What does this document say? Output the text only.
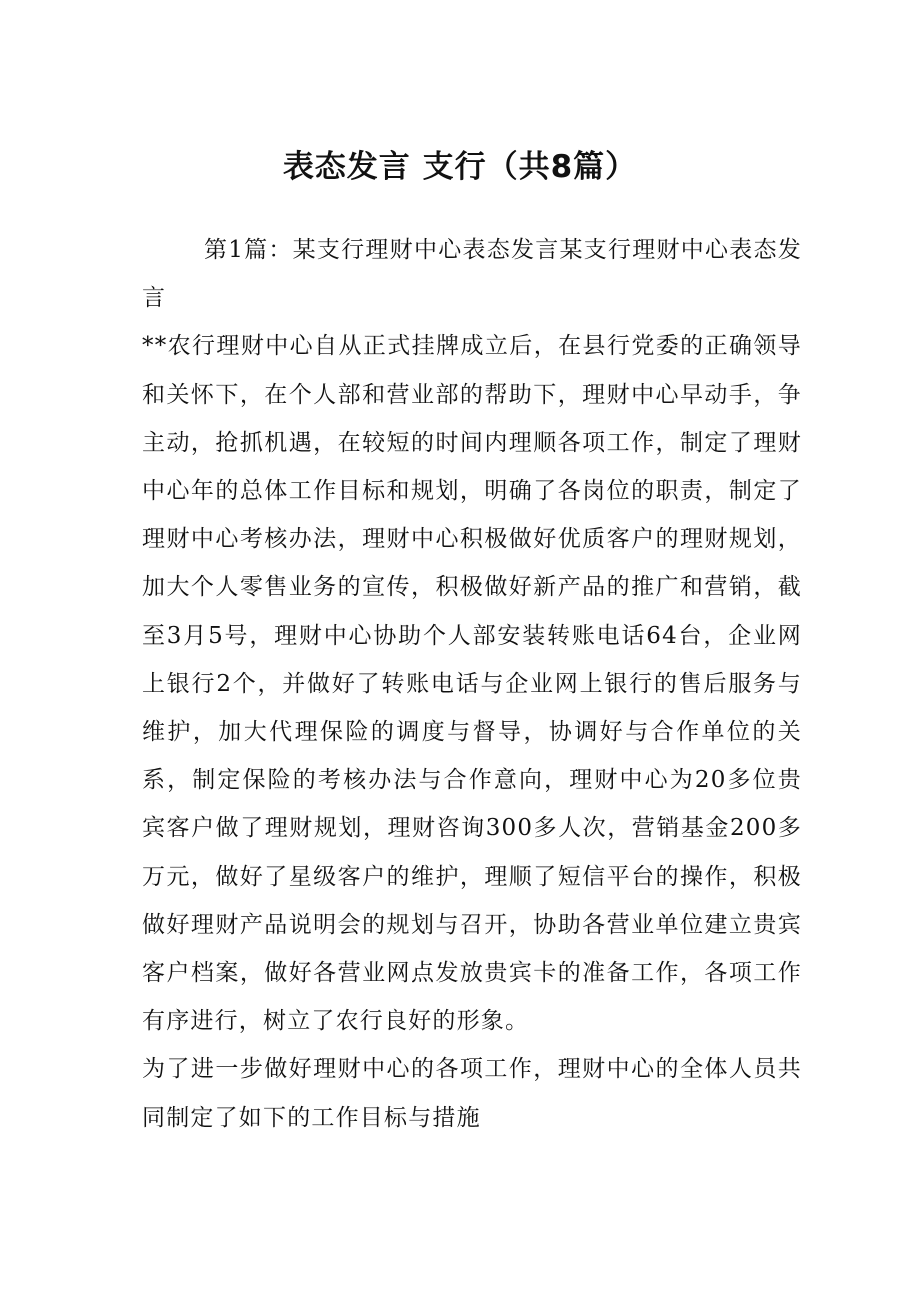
表态发言 支行（共8篇）

第1篇：某支行理财中心表态发言某支行理财中心表态发言

**农行理财中心自从正式挂牌成立后，在县行党委的正确领导和关怀下，在个人部和营业部的帮助下，理财中心早动手，争主动，抢抓机遇，在较短的时间内理顺各项工作，制定了理财中心年的总体工作目标和规划，明确了各岗位的职责，制定了理财中心考核办法，理财中心积极做好优质客户的理财规划，加大个人零售业务的宣传，积极做好新产品的推广和营销，截至3月5号，理财中心协助个人部安装转账电话64台，企业网上银行2个，并做好了转账电话与企业网上银行的售后服务与维护，加大代理保险的调度与督导，协调好与合作单位的关系，制定保险的考核办法与合作意向，理财中心为20多位贵宾客户做了理财规划，理财咨询300多人次，营销基金200多万元，做好了星级客户的维护，理顺了短信平台的操作，积极做好理财产品说明会的规划与召开，协助各营业单位建立贵宾客户档案，做好各营业网点发放贵宾卡的准备工作，各项工作有序进行，树立了农行良好的形象。

为了进一步做好理财中心的各项工作，理财中心的全体人员共同制定了如下的工作目标与措施
